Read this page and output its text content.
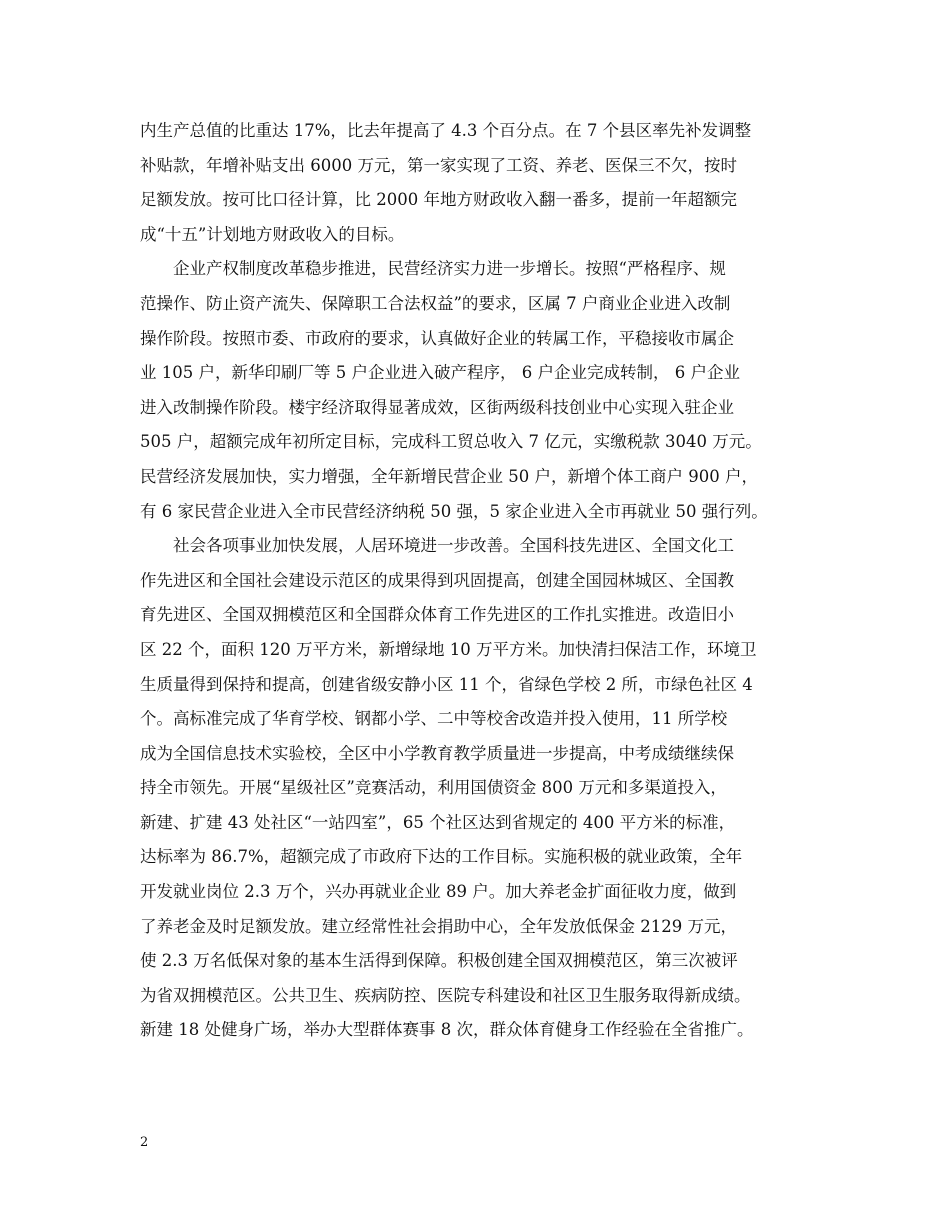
内生产总值的比重达 17%，比去年提高了 4.3 个百分点。在 7 个县区率先补发调整
补贴款，年增补贴支出 6000 万元，第一家实现了工资、养老、医保三不欠，按时
足额发放。按可比口径计算，比 2000 年地方财政收入翻一番多，提前一年超额完
成“十五”计划地方财政收入的目标。
企业产权制度改革稳步推进，民营经济实力进一步增长。按照“严格程序、规
范操作、防止资产流失、保障职工合法权益”的要求，区属 7 户商业企业进入改制
操作阶段。按照市委、市政府的要求，认真做好企业的转属工作，平稳接收市属企
业 105 户，新华印刷厂等 5 户企业进入破产程序， 6 户企业完成转制， 6 户企业
进入改制操作阶段。楼宇经济取得显著成效，区街两级科技创业中心实现入驻企业
505 户，超额完成年初所定目标，完成科工贸总收入 7 亿元，实缴税款 3040 万元。
民营经济发展加快，实力增强，全年新增民营企业 50 户，新增个体工商户 900 户，
有 6 家民营企业进入全市民营经济纳税 50 强，5 家企业进入全市再就业 50 强行列。
社会各项事业加快发展，人居环境进一步改善。全国科技先进区、全国文化工
作先进区和全国社会建设示范区的成果得到巩固提高，创建全国园林城区、全国教
育先进区、全国双拥模范区和全国群众体育工作先进区的工作扎实推进。改造旧小
区 22 个，面积 120 万平方米，新增绿地 10 万平方米。加快清扫保洁工作，环境卫
生质量得到保持和提高，创建省级安静小区 11 个，省绿色学校 2 所，市绿色社区 4
个。高标准完成了华育学校、钢都小学、二中等校舍改造并投入使用，11 所学校
成为全国信息技术实验校，全区中小学教育教学质量进一步提高，中考成绩继续保
持全市领先。开展“星级社区”竞赛活动，利用国债资金 800 万元和多渠道投入，
新建、扩建 43 处社区“一站四室”，65 个社区达到省规定的 400 平方米的标准，
达标率为 86.7%，超额完成了市政府下达的工作目标。实施积极的就业政策，全年
开发就业岗位 2.3 万个，兴办再就业企业 89 户。加大养老金扩面征收力度，做到
了养老金及时足额发放。建立经常性社会捐助中心，全年发放低保金 2129 万元，
使 2.3 万名低保对象的基本生活得到保障。积极创建全国双拥模范区，第三次被评
为省双拥模范区。公共卫生、疾病防控、医院专科建设和社区卫生服务取得新成绩。
新建 18 处健身广场，举办大型群体赛事 8 次，群众体育健身工作经验在全省推广。
2
